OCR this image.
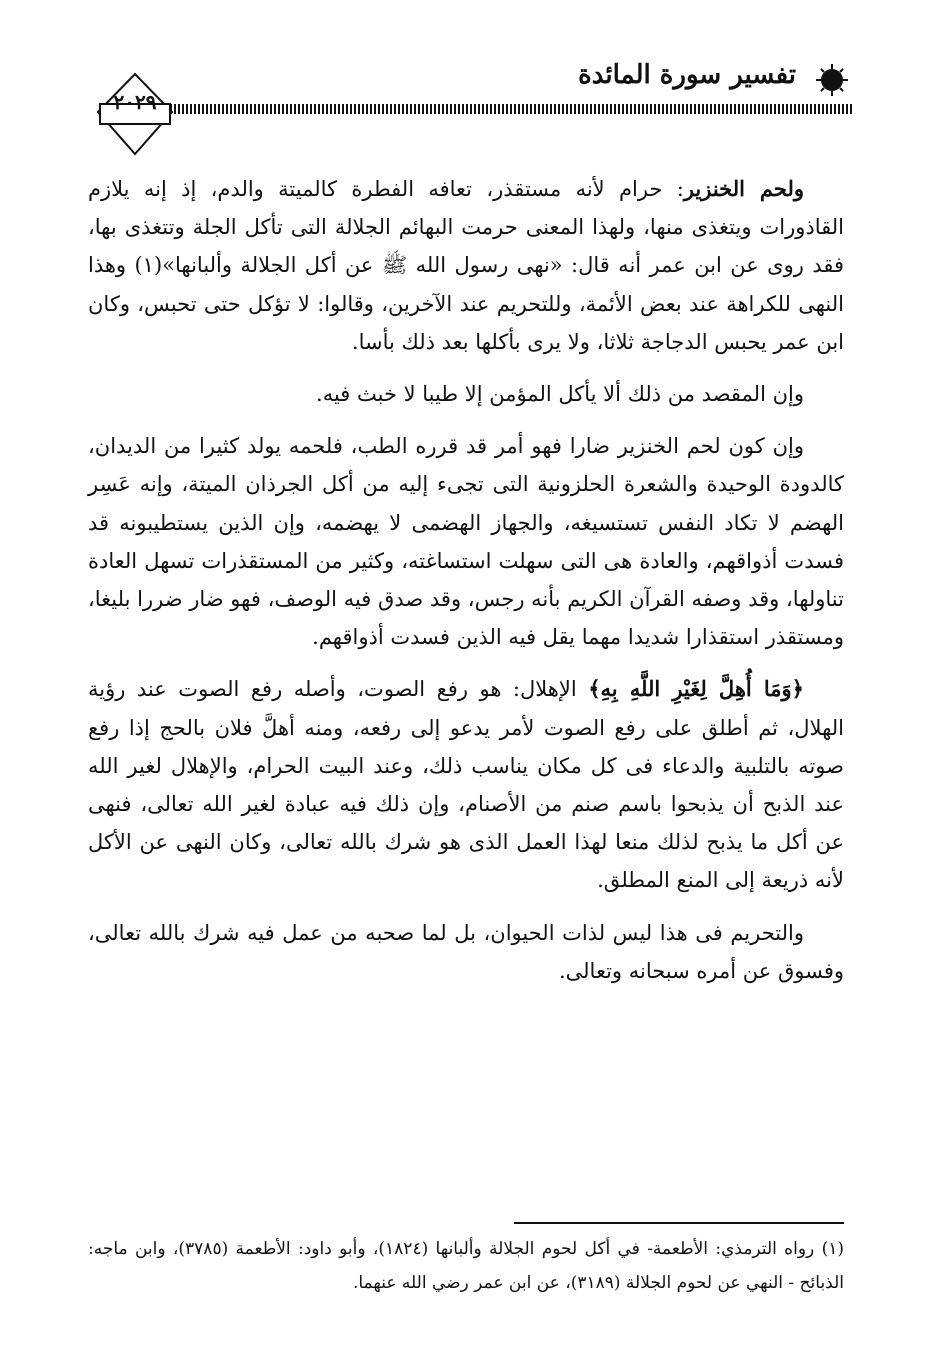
تفسير سورة المائدة
٢٠٢٩

ولحم الخنزير: حرام لأنه مستقذر، تعافه الفطرة كالميتة والدم، إذ إنه يلازم القاذورات ويتغذى منها، ولهذا المعنى حرمت البهائم الجلالة التى تأكل الجلة وتتغذى بها، فقد روى عن ابن عمر أنه قال: «نهى رسول الله ﷺ عن أكل الجلالة وألبانها»(١) وهذا النهى للكراهة عند بعض الأئمة، وللتحريم عند الآخرين، وقالوا: لا تؤكل حتى تحبس، وكان ابن عمر يحبس الدجاجة ثلاثا، ولا يرى بأكلها بعد ذلك بأسا.

وإن المقصد من ذلك ألا يأكل المؤمن إلا طيبا لا خبث فيه.

وإن كون لحم الخنزير ضارا فهو أمر قد قرره الطب، فلحمه يولد كثيرا من الديدان، كالدودة الوحيدة والشعرة الحلزونية التى تجىء إليه من أكل الجرذان الميتة، وإنه عَسِر الهضم لا تكاد النفس تستسيغه، والجهاز الهضمى لا يهضمه، وإن الذين يستطيبونه قد فسدت أذواقهم، والعادة هى التى سهلت استساغته، وكثير من المستقذرات تسهل العادة تناولها، وقد وصفه القرآن الكريم بأنه رجس، وقد صدق فيه الوصف، فهو ضار ضررا بليغا، ومستقذر استقذارا شديدا مهما يقل فيه الذين فسدت أذواقهم.

﴿وَمَا أُهِلَّ لِغَيْرِ اللَّهِ بِهِ﴾ الإهلال: هو رفع الصوت، وأصله رفع الصوت عند رؤية الهلال، ثم أطلق على رفع الصوت لأمر يدعو إلى رفعه، ومنه أهلَّ فلان بالحج إذا رفع صوته بالتلبية والدعاء فى كل مكان يناسب ذلك، وعند البيت الحرام، والإهلال لغير الله عند الذبح أن يذبحوا باسم صنم من الأصنام، وإن ذلك فيه عبادة لغير الله تعالى، فنهى عن أكل ما يذبح لذلك منعا لهذا العمل الذى هو شرك بالله تعالى، وكان النهى عن الأكل لأنه ذريعة إلى المنع المطلق.

والتحريم فى هذا ليس لذات الحيوان، بل لما صحبه من عمل فيه شرك بالله تعالى، وفسوق عن أمره سبحانه وتعالى.

(١) رواه الترمذي: الأطعمة- في أكل لحوم الجلالة وألبانها (١٨٢٤)، وأبو داود: الأطعمة (٣٧٨٥)، وابن ماجه: الذبائح - النهي عن لحوم الجلالة (٣١٨٩)، عن ابن عمر رضي الله عنهما.
